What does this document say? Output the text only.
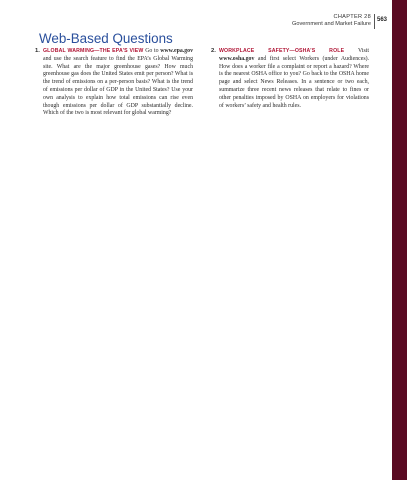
CHAPTER 28
Government and Market Failure
563
Web-Based Questions
1. GLOBAL WARMING—THE EPA’S VIEW Go to www.epa.gov and use the search feature to find the EPA’s Global Warming site. What are the major greenhouse gases? How much greenhouse gas does the United States emit per person? What is the trend of emissions on a per-person basis? What is the trend of emissions per dollar of GDP in the United States? Use your own analysis to explain how total emissions can rise even though emissions per dollar of GDP substantially decline. Which of the two is most relevant for global warming?
2. WORKPLACE SAFETY—OSHA’S ROLE Visit www.osha.gov and first select Workers (under Audiences). How does a worker file a complaint or report a hazard? Where is the nearest OSHA office to you? Go back to the OSHA home page and select News Releases. In a sentence or two each, summarize three recent news releases that relate to fines or other penalties imposed by OSHA on employers for violations of workers’ safety and health rules.
